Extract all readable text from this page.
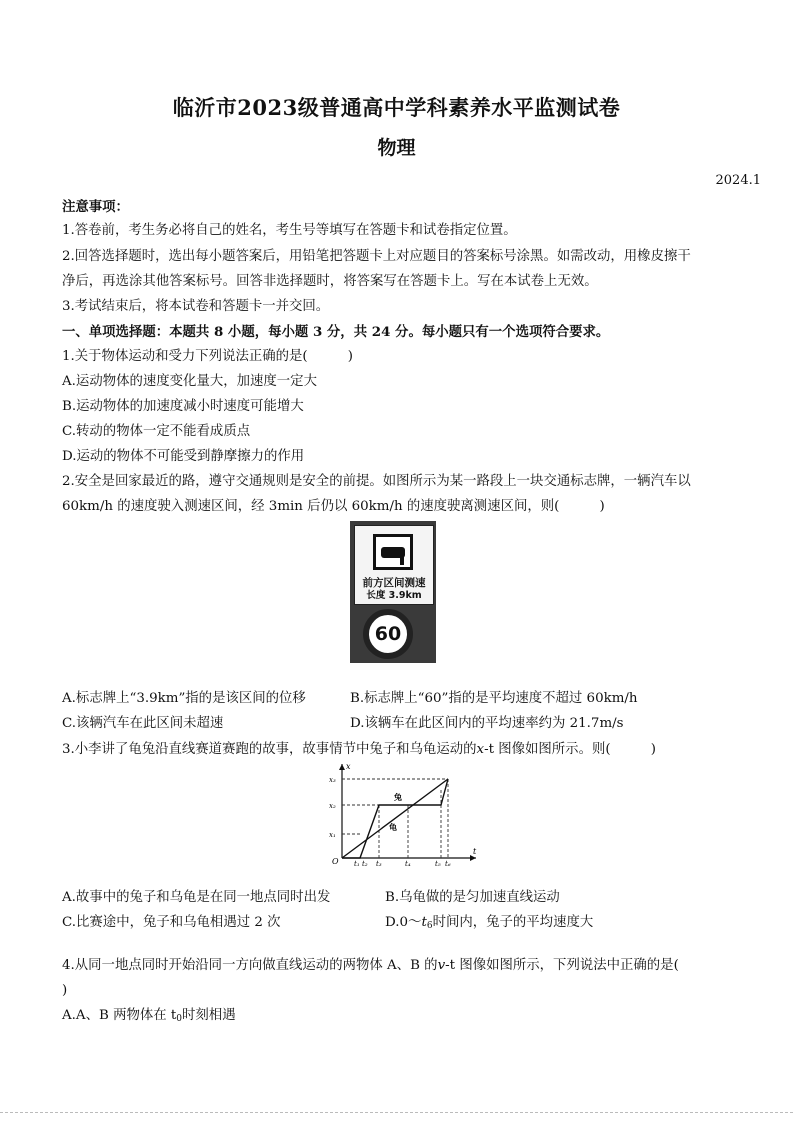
临沂市2023级普通高中学科素养水平监测试卷
物理
2024.1
注意事项：
1.答卷前，考生务必将自己的姓名，考生号等填写在答题卡和试卷指定位置。
2.回答选择题时，选出每小题答案后，用铅笔把答题卡上对应题目的答案标号涂黑。如需改动，用橡皮擦干
净后，再选涂其他答案标号。回答非选择题时，将答案写在答题卡上。写在本试卷上无效。
3.考试结束后，将本试卷和答题卡一并交回。
一、单项选择题：本题共 8 小题，每小题 3 分，共 24 分。每小题只有一个选项符合要求。
1.关于物体运动和受力下列说法正确的是(　　　)
A.运动物体的速度变化量大，加速度一定大
B.运动物体的加速度减小时速度可能增大
C.转动的物体一定不能看成质点
D.运动的物体不可能受到静摩擦力的作用
2.安全是回家最近的路，遵守交通规则是安全的前提。如图所示为某一路段上一块交通标志牌，一辆汽车以
60km/h 的速度驶入测速区间，经 3min 后仍以 60km/h 的速度驶离测速区间，则(　　　)
前方区间测速
长度 3.9km
60
A.标志牌上“3.9km”指的是该区间的位移	B.标志牌上“60”指的是平均速度不超过 60km/h
C.该辆汽车在此区间未超速	D.该辆车在此区间内的平均速率约为 21.7m/s
3.小李讲了龟兔沿直线赛道赛跑的故事，故事情节中兔子和乌龟运动的x-t 图像如图所示。则(　　　)
x
t
O
x₃
x₂
x₁
t₁ t₂ t₃	t₄	t₅ t₆
兔
龟
A.故事中的兔子和乌龟是在同一地点同时出发	B.乌龟做的是匀加速直线运动
C.比赛途中，兔子和乌龟相遇过 2 次	$D.0\sim t_6$时间内，兔子的平均速度大
4.从同一地点同时开始沿同一方向做直线运动的两物体 A、B 的v-t 图像如图所示，下列说法中正确的是(
)
A.A、B 两物体在 $t_0$时刻相遇
